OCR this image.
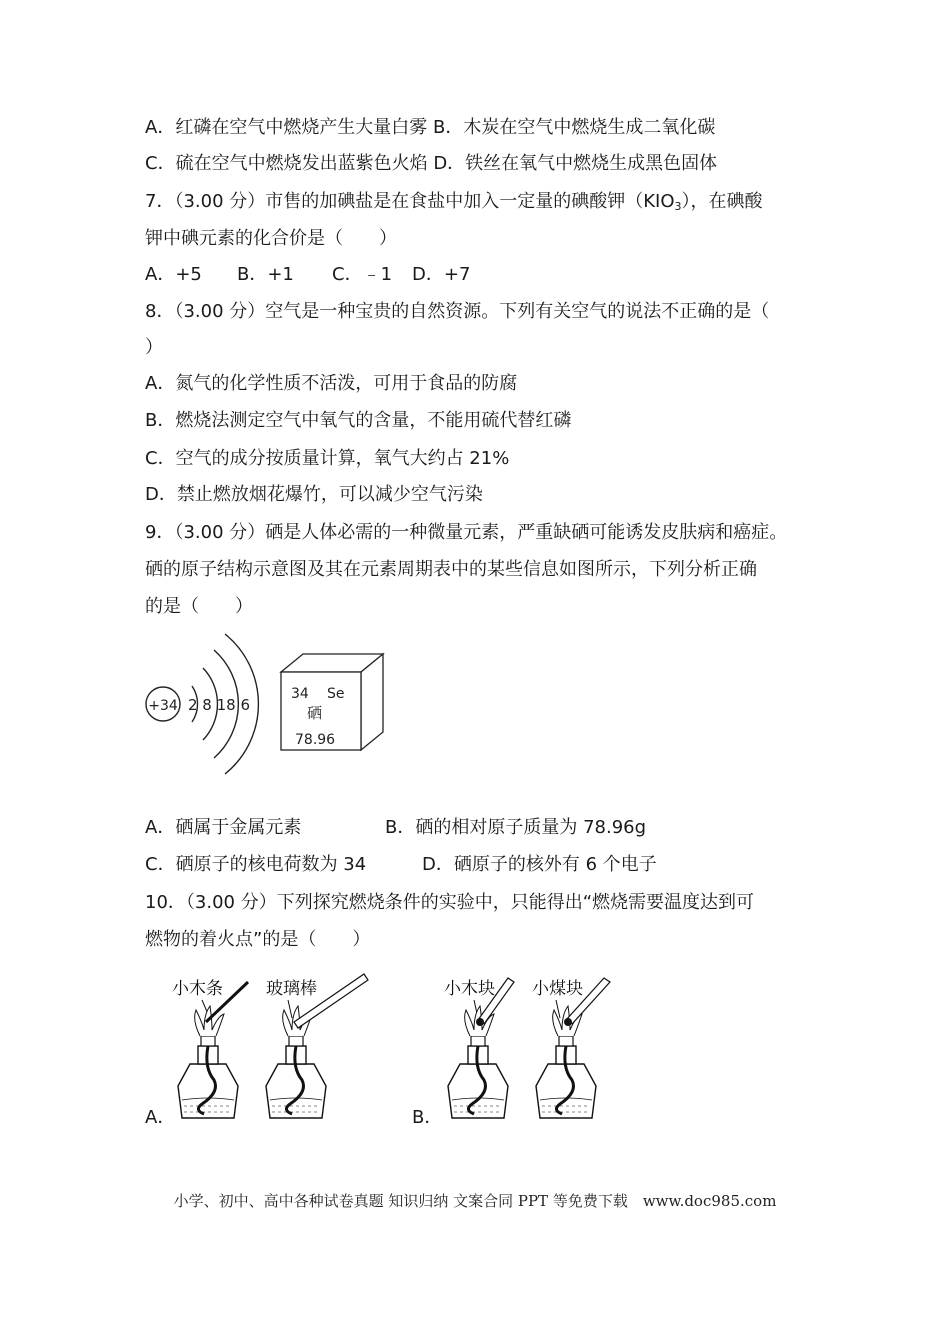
A．红磷在空气中燃烧产生大量白雾 B．木炭在空气中燃烧生成二氧化碳
C．硫在空气中燃烧发出蓝紫色火焰 D．铁丝在氧气中燃烧生成黑色固体
7．（3.00 分）市售的加碘盐是在食盐中加入一定量的碘酸钾$(KIO_3)$，在碘酸
钾中碘元素的化合价是（　　）
A．+5 B．+1 C．﹣1 D．+7
8．（3.00 分）空气是一种宝贵的自然资源。下列有关空气的说法不正确的是（
）
A．氮气的化学性质不活泼，可用于食品的防腐
B．燃烧法测定空气中氧气的含量，不能用硫代替红磷
C．空气的成分按质量计算，氧气大约占 21%
D．禁止燃放烟花爆竹，可以减少空气污染
9．（3.00 分）硒是人体必需的一种微量元素，严重缺硒可能诱发皮肤病和癌症。
硒的原子结构示意图及其在元素周期表中的某些信息如图所示，下列分析正确
的是（　　）
+34 2 8 18 6
34 Se
硒
78.96
A．硒属于金属元素	B．硒的相对原子质量为 78.96g
C．硒原子的核电荷数为 34	D．硒原子的核外有 6 个电子
10．（3.00 分）下列探究燃烧条件的实验中，只能得出“燃烧需要温度达到可
燃物的着火点”的是（　　）
A．
小木条	玻璃棒
B．
小木块 小煤块
小学、初中、高中各种试卷真题 知识归纳 文案合同 PPT 等免费下载　www.doc985.com
